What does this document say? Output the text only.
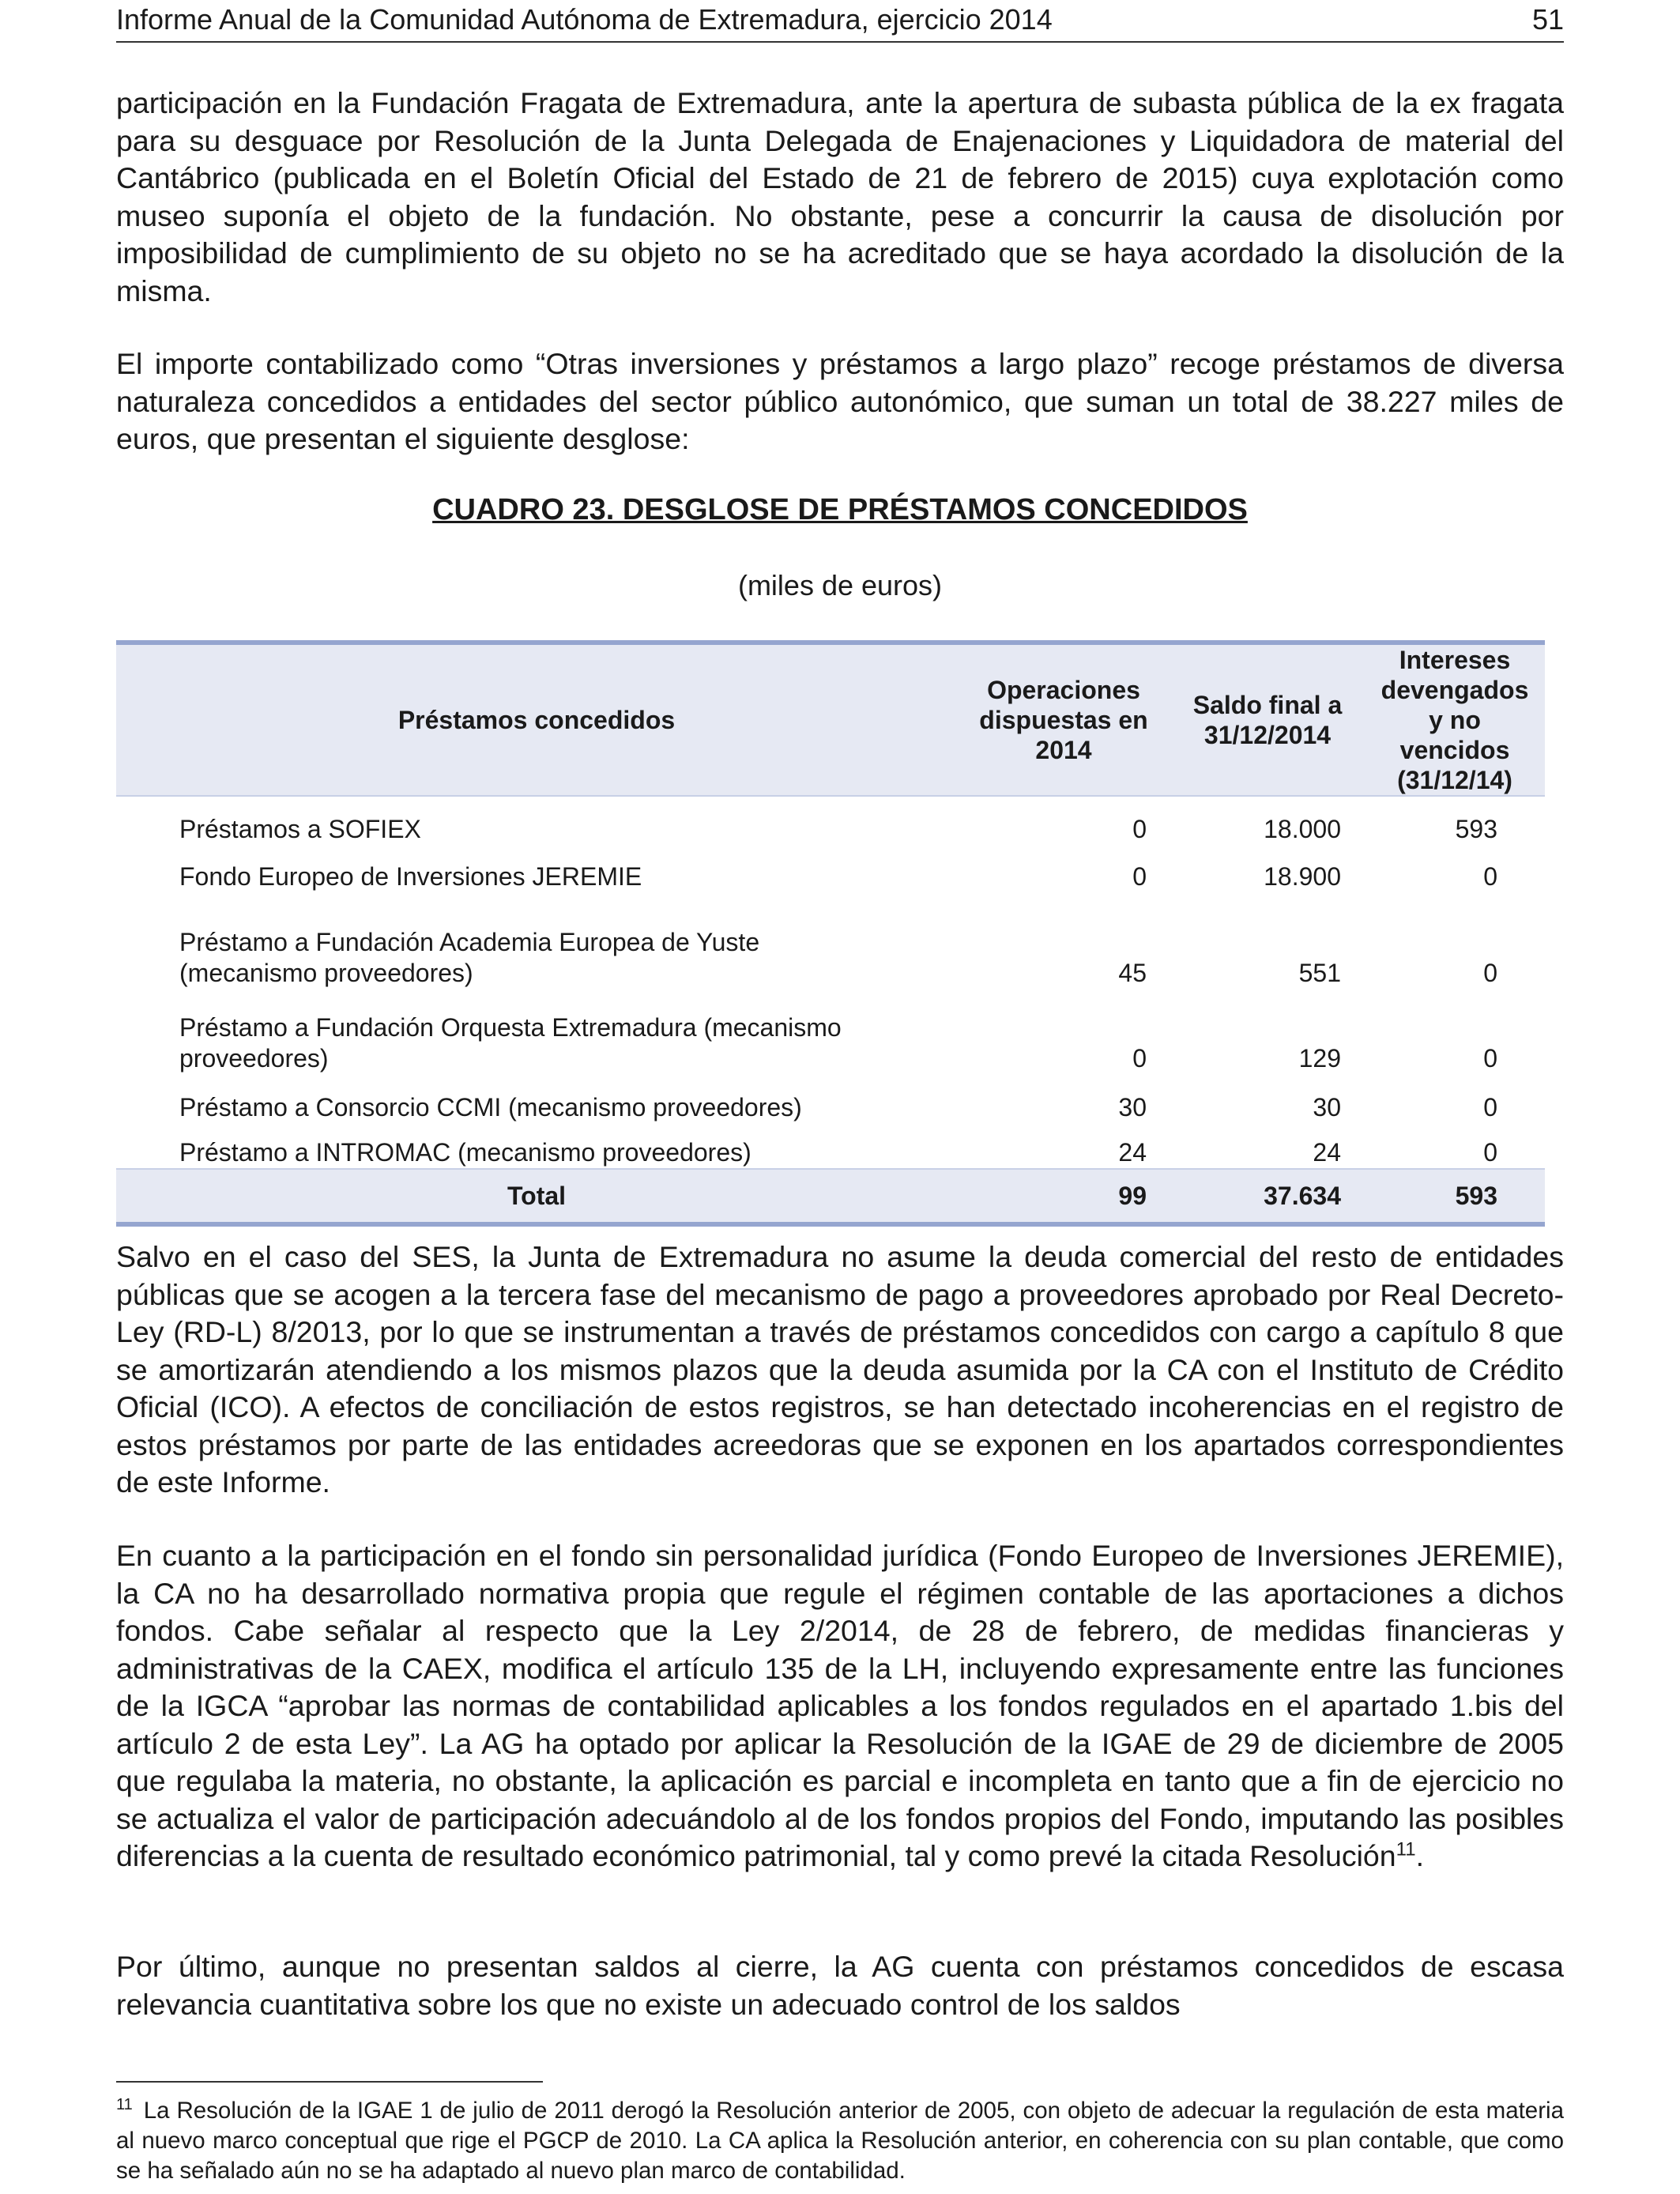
Informe Anual de la Comunidad Autónoma de Extremadura, ejercicio 2014	51

participación en la Fundación Fragata de Extremadura, ante la apertura de subasta pública de la ex fragata para su desguace por Resolución de la Junta Delegada de Enajenaciones y Liquidadora de material del Cantábrico (publicada en el Boletín Oficial del Estado de 21 de febrero de 2015) cuya explotación como museo suponía el objeto de la fundación. No obstante, pese a concurrir la causa de disolución por imposibilidad de cumplimiento de su objeto no se ha acreditado que se haya acordado la disolución de la misma.

El importe contabilizado como “Otras inversiones y préstamos a largo plazo” recoge préstamos de diversa naturaleza concedidos a entidades del sector público autonómico, que suman un total de 38.227 miles de euros, que presentan el siguiente desglose:

CUADRO 23. DESGLOSE DE PRÉSTAMOS CONCEDIDOS
(miles de euros)
Préstamos concedidos	Operaciones dispuestas en 2014	Saldo final a 31/12/2014	Intereses devengados y no vencidos (31/12/14)
Préstamos a SOFIEX	0	18.000	593
Fondo Europeo de Inversiones JEREMIE	0	18.900	0
Préstamo a Fundación Academia Europea de Yuste (mecanismo proveedores)	45	551	0
Préstamo a Fundación Orquesta Extremadura (mecanismo proveedores)	0	129	0
Préstamo a Consorcio CCMI (mecanismo proveedores)	30	30	0
Préstamo a INTROMAC (mecanismo proveedores)	24	24	0
Total	99	37.634	593

Salvo en el caso del SES, la Junta de Extremadura no asume la deuda comercial del resto de entidades públicas que se acogen a la tercera fase del mecanismo de pago a proveedores aprobado por Real Decreto-Ley (RD-L) 8/2013, por lo que se instrumentan a través de préstamos concedidos con cargo a capítulo 8 que se amortizarán atendiendo a los mismos plazos que la deuda asumida por la CA con el Instituto de Crédito Oficial (ICO). A efectos de conciliación de estos registros, se han detectado incoherencias en el registro de estos préstamos por parte de las entidades acreedoras que se exponen en los apartados correspondientes de este Informe.

En cuanto a la participación en el fondo sin personalidad jurídica (Fondo Europeo de Inversiones JEREMIE), la CA no ha desarrollado normativa propia que regule el régimen contable de las aportaciones a dichos fondos. Cabe señalar al respecto que la Ley 2/2014, de 28 de febrero, de medidas financieras y administrativas de la CAEX, modifica el artículo 135 de la LH, incluyendo expresamente entre las funciones de la IGCA “aprobar las normas de contabilidad aplicables a los fondos regulados en el apartado 1.bis del artículo 2 de esta Ley”. La AG ha optado por aplicar la Resolución de la IGAE de 29 de diciembre de 2005 que regulaba la materia, no obstante, la aplicación es parcial e incompleta en tanto que a fin de ejercicio no se actualiza el valor de participación adecuándolo al de los fondos propios del Fondo, imputando las posibles diferencias a la cuenta de resultado económico patrimonial, tal y como prevé la citada Resolución$^{11}$.

Por último, aunque no presentan saldos al cierre, la AG cuenta con préstamos concedidos de escasa relevancia cuantitativa sobre los que no existe un adecuado control de los saldos

$^{11}$ La Resolución de la IGAE 1 de julio de 2011 derogó la Resolución anterior de 2005, con objeto de adecuar la regulación de esta materia al nuevo marco conceptual que rige el PGCP de 2010. La CA aplica la Resolución anterior, en coherencia con su plan contable, que como se ha señalado aún no se ha adaptado al nuevo plan marco de contabilidad.
